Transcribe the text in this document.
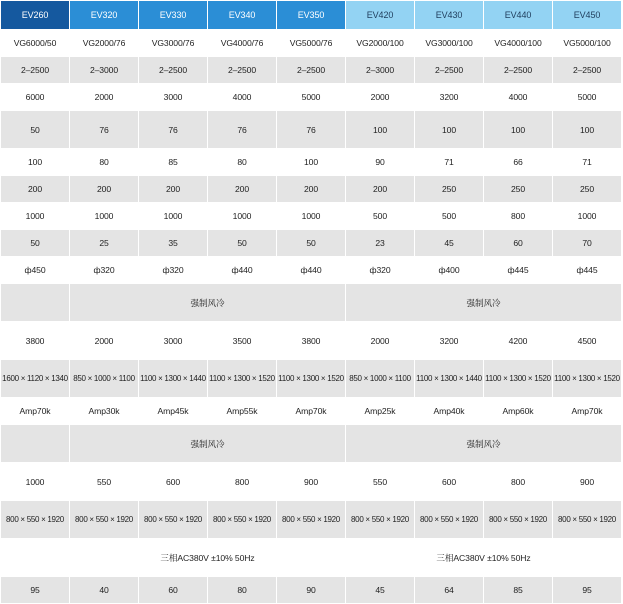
EV260	EV320	EV330	EV340	EV350	EV420	EV430	EV440	EV450
VG6000/50	VG2000/76	VG3000/76	VG4000/76	VG5000/76	VG2000/100	VG3000/100	VG4000/100	VG5000/100
2–2500	2–3000	2–2500	2–2500	2–2500	2–3000	2–2500	2–2500	2–2500
6000	2000	3000	4000	5000	2000	3200	4000	5000
50	76	76	76	76	100	100	100	100
100	80	85	80	100	90	71	66	71
200	200	200	200	200	200	250	250	250
1000	1000	1000	1000	1000	500	500	800	1000
50	25	35	50	50	23	45	60	70
ф450	ф320	ф320	ф440	ф440	ф320	ф400	ф445	ф445
	强制风冷				强制风冷			
3800	2000	3000	3500	3800	2000	3200	4200	4500
1600 × 1120 × 1340	850 × 1000 × 1100	1100 × 1300 × 1440	1100 × 1300 × 1520	1100 × 1300 × 1520	850 × 1000 × 1100	1100 × 1300 × 1440	1100 × 1300 × 1520	1100 × 1300 × 1520
Amp70k	Amp30k	Amp45k	Amp55k	Amp70k	Amp25k	Amp40k	Amp60k	Amp70k
	强制风冷				强制风冷			
1000	550	600	800	900	550	600	800	900
800 × 550 × 1920	800 × 550 × 1920	800 × 550 × 1920	800 × 550 × 1920	800 × 550 × 1920	800 × 550 × 1920	800 × 550 × 1920	800 × 550 × 1920	800 × 550 × 1920
	三相AC380V ±10% 50Hz				三相AC380V ±10% 50Hz			
95	40	60	80	90	45	64	85	95
